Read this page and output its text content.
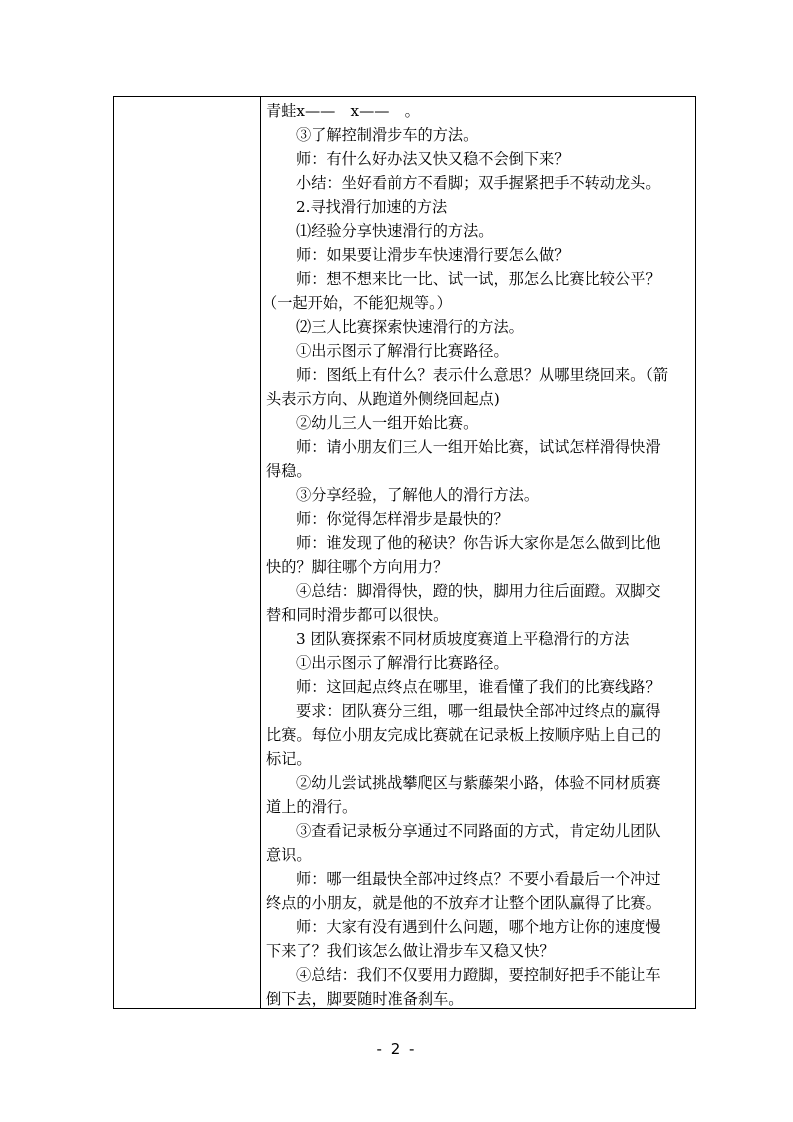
青蛙x——　x——　。
③了解控制滑步车的方法。
师：有什么好办法又快又稳不会倒下来？
小结：坐好看前方不看脚；双手握紧把手不转动龙头。
2.寻找滑行加速的方法
⑴经验分享快速滑行的方法。
师：如果要让滑步车快速滑行要怎么做？
师：想不想来比一比、试一试，那怎么比赛比较公平？
（一起开始，不能犯规等。）
⑵三人比赛探索快速滑行的方法。
①出示图示了解滑行比赛路径。
师：图纸上有什么？表示什么意思？从哪里绕回来。（箭
头表示方向、从跑道外侧绕回起点)
②幼儿三人一组开始比赛。
师：请小朋友们三人一组开始比赛，试试怎样滑得快滑
得稳。
③分享经验，了解他人的滑行方法。
师：你觉得怎样滑步是最快的？
师：谁发现了他的秘诀？你告诉大家你是怎么做到比他
快的？脚往哪个方向用力？
④总结：脚滑得快，蹬的快，脚用力往后面蹬。双脚交
替和同时滑步都可以很快。
3 团队赛探索不同材质坡度赛道上平稳滑行的方法
①出示图示了解滑行比赛路径。
师：这回起点终点在哪里，谁看懂了我们的比赛线路？
要求：团队赛分三组，哪一组最快全部冲过终点的赢得
比赛。每位小朋友完成比赛就在记录板上按顺序贴上自己的
标记。
②幼儿尝试挑战攀爬区与紫藤架小路，体验不同材质赛
道上的滑行。
③查看记录板分享通过不同路面的方式，肯定幼儿团队
意识。
师：哪一组最快全部冲过终点？不要小看最后一个冲过
终点的小朋友，就是他的不放弃才让整个团队赢得了比赛。
师：大家有没有遇到什么问题，哪个地方让你的速度慢
下来了？我们该怎么做让滑步车又稳又快？
④总结：我们不仅要用力蹬脚，要控制好把手不能让车
倒下去，脚要随时准备刹车。
- 2 -
